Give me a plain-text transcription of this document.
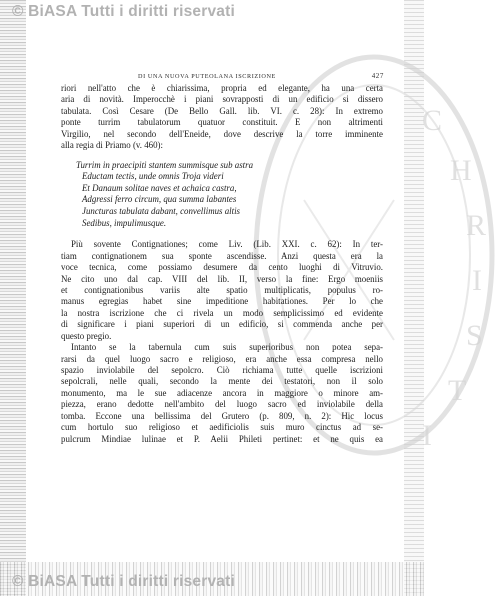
© BiASA Tutti i diritti riservati
C
H
R
I
S
T
I
DI UNA NUOVA PUTEOLANA ISCRIZIONE	427
riori nell'atto che è chiarissima, propria ed elegante, ha una certa
aria di novità. Imperocchè i piani sovrapposti di un edificio si dissero
tabulata. Così Cesare (De Bello Gall. lib. VI. c. 28): In extremo
ponte turrim tabulatorum quatuor constituit. E non altrimenti
Virgilio, nel secondo dell'Eneide, dove descrive la torre imminente
alla regia di Priamo (v. 460):
Turrim in praecipiti stantem summisque sub astra
Eductam tectis, unde omnis Troja videri
Et Danaum solitae naves et achaica castra,
Adgressi ferro circum, qua summa labantes
Juncturas tabulata dabant, convellimus altis
Sedibus, impulimusque.
Più sovente Contignationes; come Liv. (Lib. XXI. c. 62): In ter-
tiam contignationem sua sponte ascendisse. Anzi questa era la
voce tecnica, come possiamo desumere da cento luoghi di Vitruvio.
Ne cito uno dal cap. VIII del lib. II, verso la fine: Ergo moeniis
et contignationibus variis alte spatio multiplicatis, populus ro-
manus egregias habet sine impeditione habitationes. Per lo che
la nostra iscrizione che ci rivela un modo semplicissimo ed evidente
di significare i piani superiori di un edificio, si commenda anche per
questo pregio.
Intanto se la tabernula cum suis superioribus non potea sepa-
rarsi da quel luogo sacro e religioso, era anche essa compresa nello
spazio inviolabile del sepolcro. Ciò richiama tutte quelle iscrizioni
sepolcrali, nelle quali, secondo la mente dei testatori, non il solo
monumento, ma le sue adiacenze ancora in maggiore o minore am-
piezza, erano dedotte nell'ambito del luogo sacro ed inviolabile della
tomba. Eccone una bellissima del Grutero (p. 809, n. 2): Hic locus
cum hortulo suo religioso et aedificiolis suis muro cinctus ad se-
pulcrum Mindiae lulinae et P. Aelii Phileti pertinet: et ne quis ea
© BiASA Tutti i diritti riservati
